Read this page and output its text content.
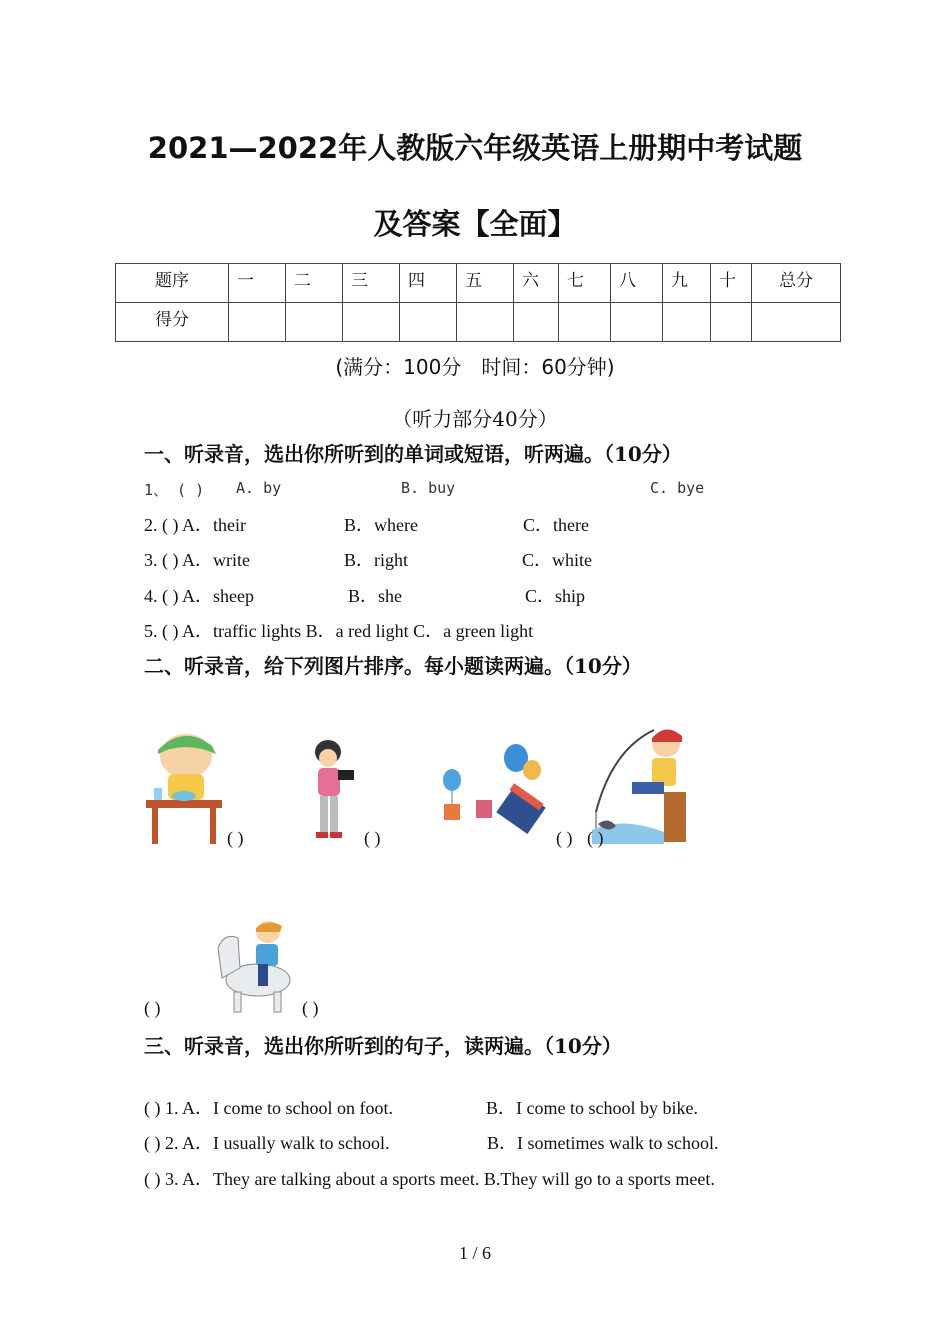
2021—2022年人教版六年级英语上册期中考试题
及答案【全面】
题序	一	二	三	四	五	六	七	八	九	十	总分
得分											
(满分：100分　时间：60分钟)
（听力部分40分）
一、听录音，选出你所听到的单词或短语，听两遍。（10分）
1、 ( ) A. by	B. buy	C. bye
2. ( ) A．their	B．where	C．there
3. ( ) A．write	B．right	C．white
4. ( ) A．sheep	B．she	C．ship
5. ( ) A．traffic lights B．a red light C．a green light
二、听录音，给下列图片排序。每小题读两遍。（10分）
( )	( )	( ) ( )
( )	( )
三、听录音，选出你所听到的句子，读两遍。（10分）
( ) 1. A．I come to school on foot.	B．I come to school by bike.
( ) 2. A．I usually walk to school.	B．I sometimes walk to school.
( ) 3. A．They are talking about a sports meet. B.They will go to a sports meet.
1 / 6
